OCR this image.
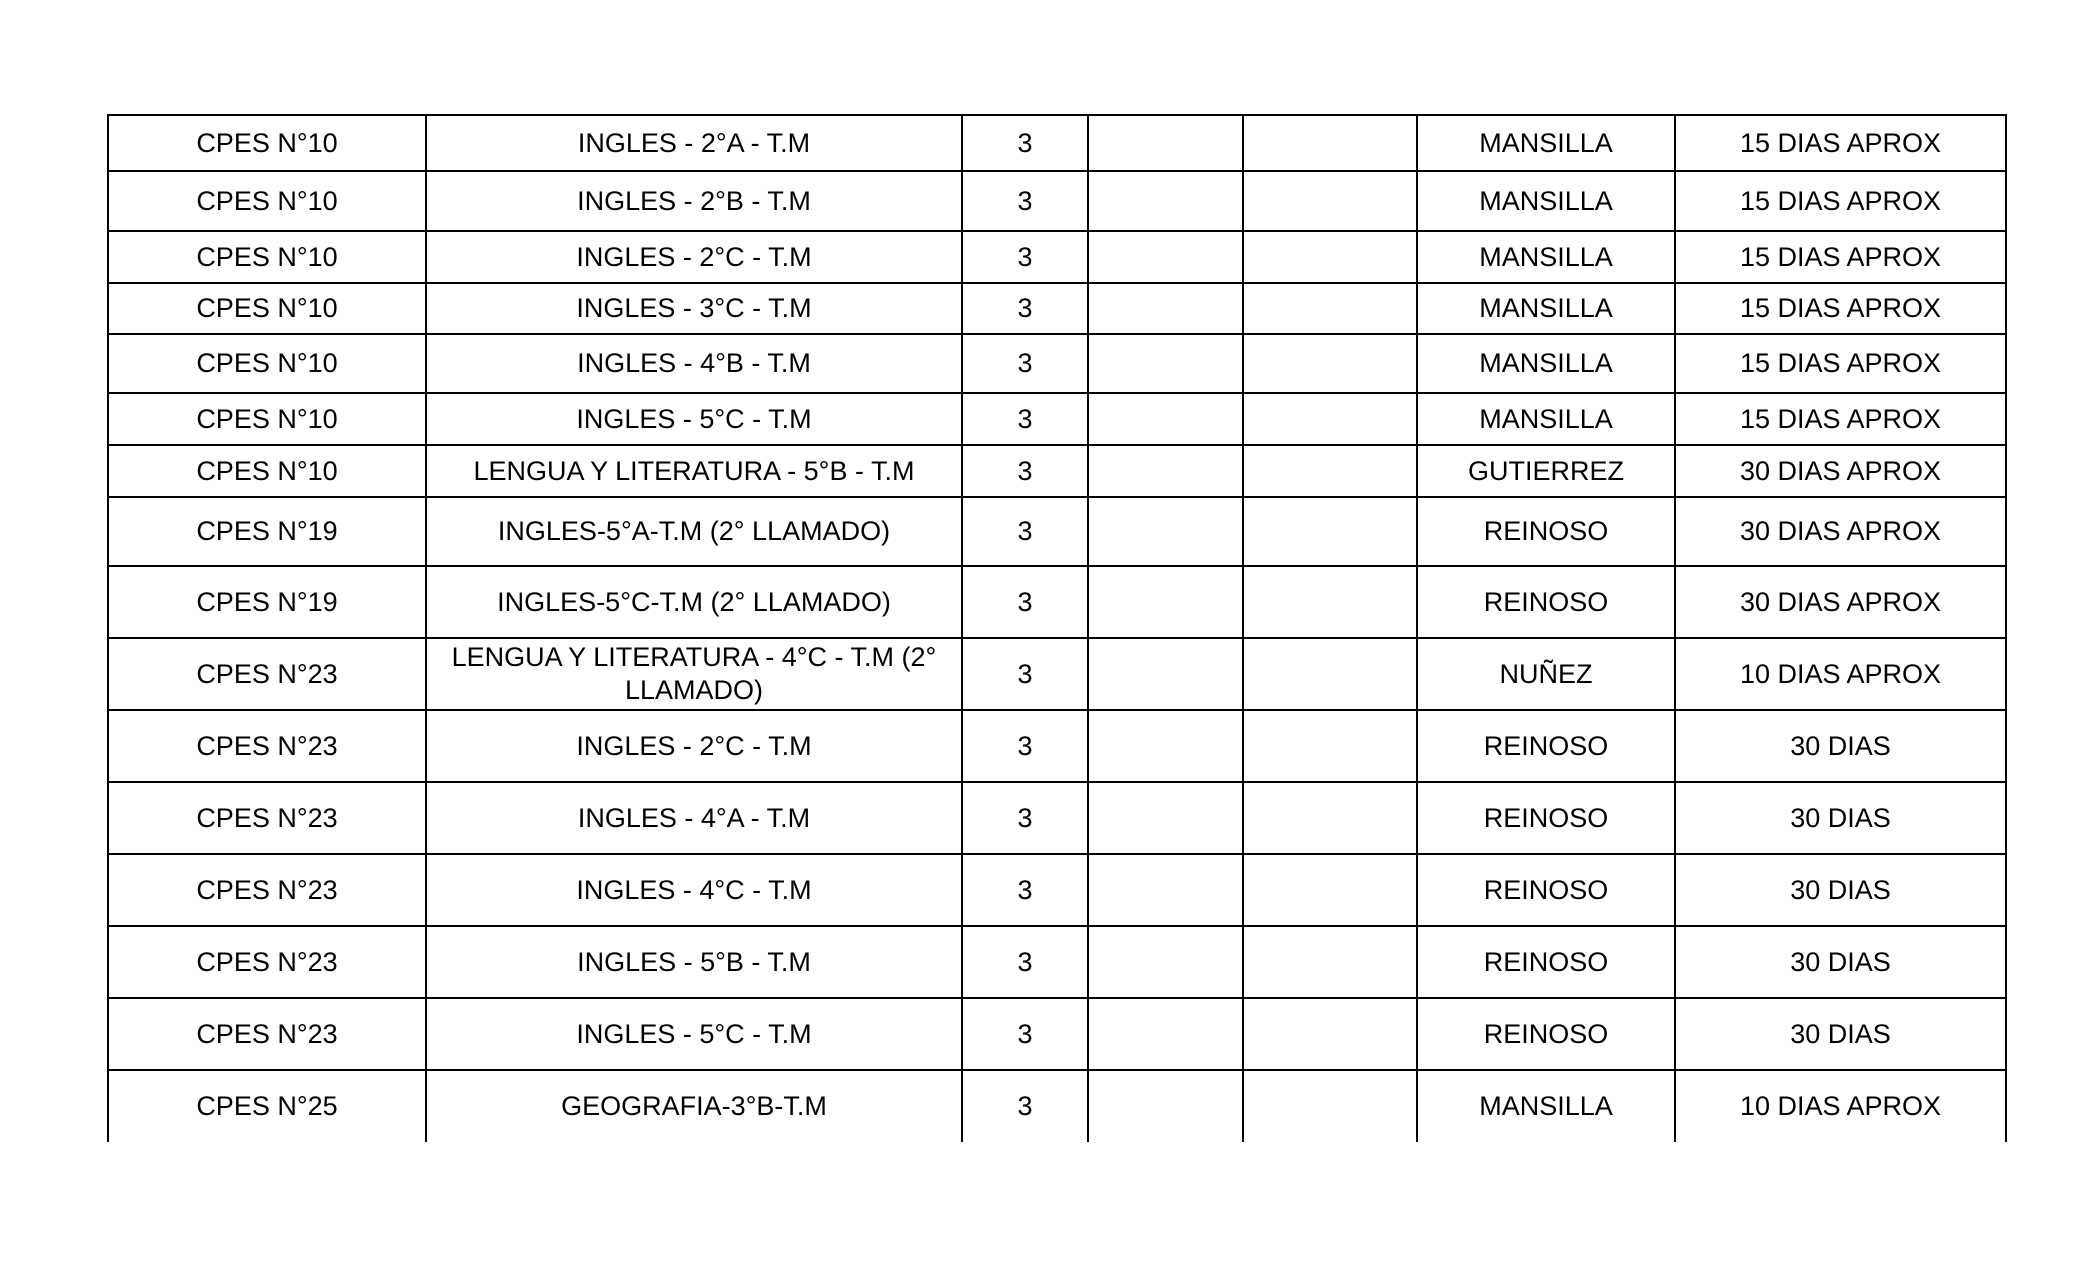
CPES N°10	INGLES - 2°A - T.M	3			MANSILLA	15 DIAS APROX
CPES N°10	INGLES - 2°B - T.M	3			MANSILLA	15 DIAS APROX
CPES N°10	INGLES - 2°C - T.M	3			MANSILLA	15 DIAS APROX
CPES N°10	INGLES - 3°C - T.M	3			MANSILLA	15 DIAS APROX
CPES N°10	INGLES - 4°B - T.M	3			MANSILLA	15 DIAS APROX
CPES N°10	INGLES - 5°C - T.M	3			MANSILLA	15 DIAS APROX
CPES N°10	LENGUA Y LITERATURA - 5°B - T.M	3			GUTIERREZ	30 DIAS APROX
CPES N°19	INGLES-5°A-T.M (2° LLAMADO)	3			REINOSO	30 DIAS APROX
CPES N°19	INGLES-5°C-T.M (2° LLAMADO)	3			REINOSO	30 DIAS APROX
CPES N°23	LENGUA Y LITERATURA - 4°C - T.M (2° LLAMADO)	3			NUÑEZ	10 DIAS APROX
CPES N°23	INGLES - 2°C - T.M	3			REINOSO	30 DIAS
CPES N°23	INGLES - 4°A - T.M	3			REINOSO	30 DIAS
CPES N°23	INGLES - 4°C - T.M	3			REINOSO	30 DIAS
CPES N°23	INGLES - 5°B - T.M	3			REINOSO	30 DIAS
CPES N°23	INGLES - 5°C - T.M	3			REINOSO	30 DIAS
CPES N°25	GEOGRAFIA-3°B-T.M	3			MANSILLA	10 DIAS APROX
